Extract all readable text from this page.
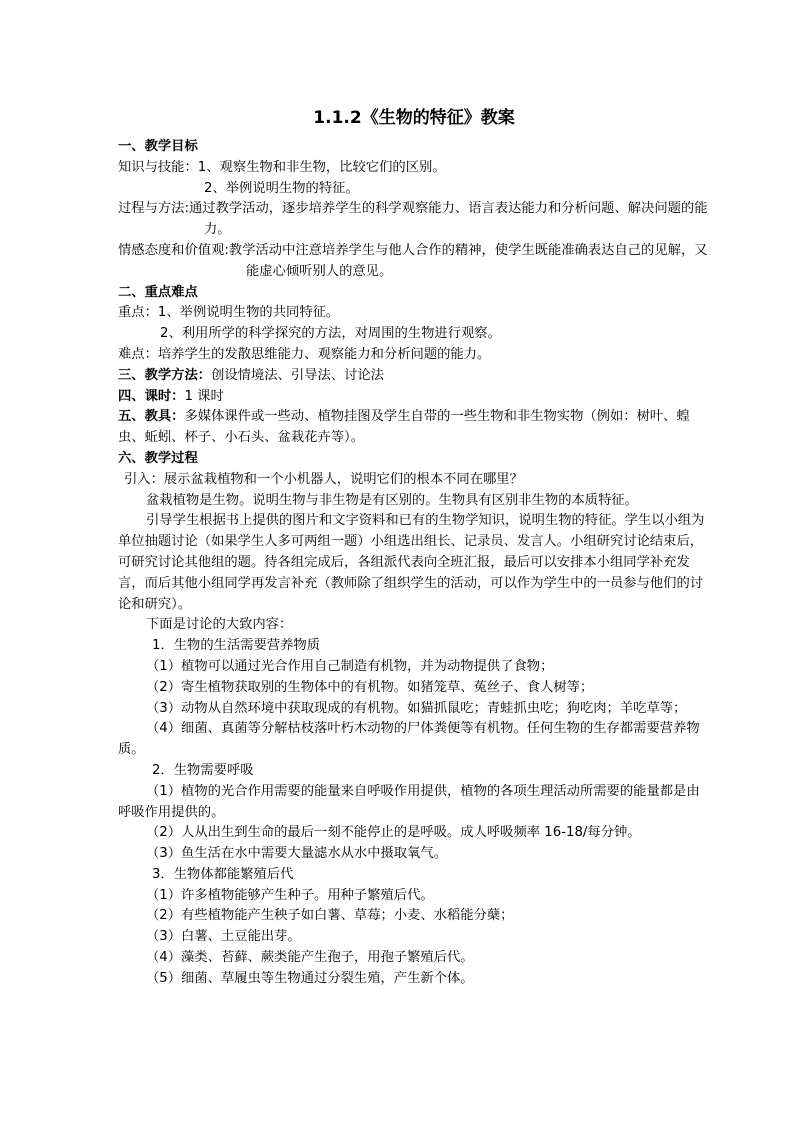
1.1.2《生物的特征》教案

一、教学目标

知识与技能：1、观察生物和非生物，比较它们的区别。

2、举例说明生物的特征。

过程与方法:通过教学活动，逐步培养学生的科学观察能力、语言表达能力和分析问题、解决问题的能力。

情感态度和价值观:教学活动中注意培养学生与他人合作的精神，使学生既能准确表达自己的见解，又能虚心倾听别人的意见。

二、重点难点

重点：1、举例说明生物的共同特征。

2、利用所学的科学探究的方法，对周围的生物进行观察。

难点：培养学生的发散思维能力、观察能力和分析问题的能力。

三、教学方法：创设情境法、引导法、讨论法

四、课时：1 课时

五、教具：多媒体课件或一些动、植物挂图及学生自带的一些生物和非生物实物（例如：树叶、蝗虫、蚯蚓、杯子、小石头、盆栽花卉等）。

六、教学过程

引入：展示盆栽植物和一个小机器人，说明它们的根本不同在哪里？

盆栽植物是生物。说明生物与非生物是有区别的。生物具有区别非生物的本质特征。

引导学生根据书上提供的图片和文字资料和已有的生物学知识，说明生物的特征。学生以小组为单位抽题讨论（如果学生人多可两组一题）小组选出组长、记录员、发言人。小组研究讨论结束后，可研究讨论其他组的题。待各组完成后，各组派代表向全班汇报，最后可以安排本小组同学补充发言，而后其他小组同学再发言补充（教师除了组织学生的活动，可以作为学生中的一员参与他们的讨论和研究）。

下面是讨论的大致内容：

1．生物的生活需要营养物质

（1）植物可以通过光合作用自己制造有机物，并为动物提供了食物；

（2）寄生植物获取别的生物体中的有机物。如猪笼草、菟丝子、食人树等；

（3）动物从自然环境中获取现成的有机物。如猫抓鼠吃；青蛙抓虫吃；狗吃肉；羊吃草等；

（4）细菌、真菌等分解枯枝落叶朽木动物的尸体粪便等有机物。任何生物的生存都需要营养物质。

2．生物需要呼吸

（1）植物的光合作用需要的能量来自呼吸作用提供，植物的各项生理活动所需要的能量都是由呼吸作用提供的。

（2）人从出生到生命的最后一刻不能停止的是呼吸。成人呼吸频率 16-18/每分钟。

（3）鱼生活在水中需要大量滤水从水中摄取氧气。

3．生物体都能繁殖后代

（1）许多植物能够产生种子。用种子繁殖后代。

（2）有些植物能产生秧子如白薯、草莓；小麦、水稻能分蘖；

（3）白薯、土豆能出芽。

（4）藻类、苔藓、蕨类能产生孢子，用孢子繁殖后代。

（5）细菌、草履虫等生物通过分裂生殖，产生新个体。
